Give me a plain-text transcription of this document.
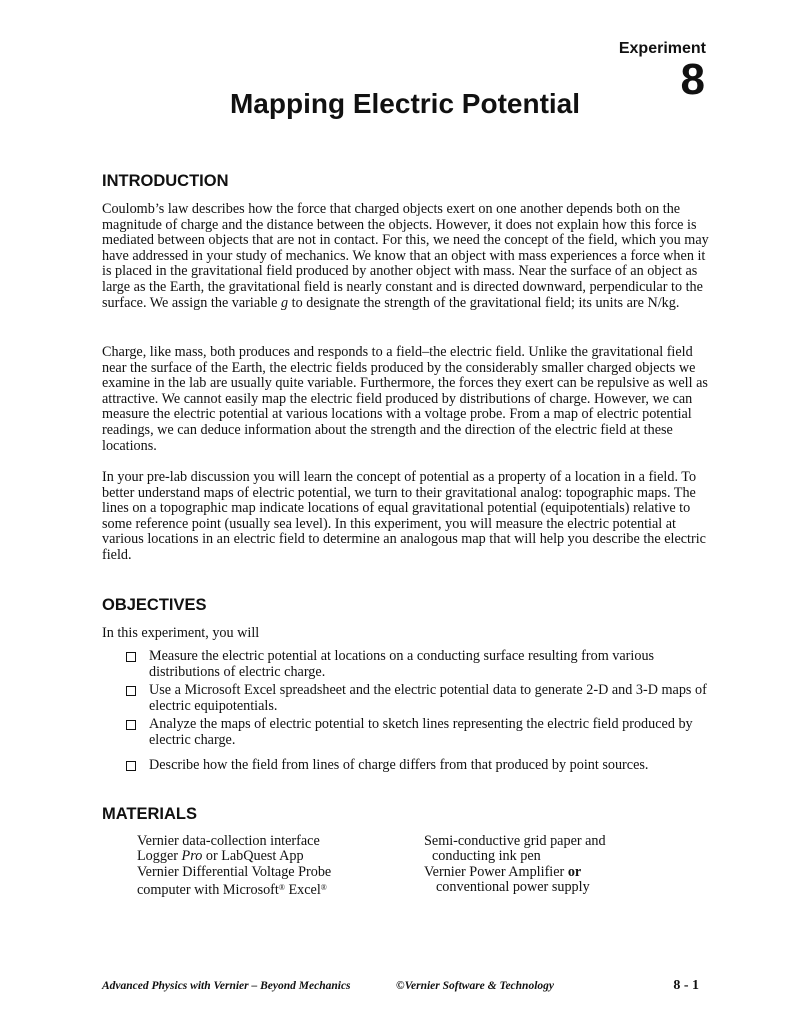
Experiment
8
Mapping Electric Potential
INTRODUCTION

Coulomb’s law describes how the force that charged objects exert on one another depends both on the magnitude of charge and the distance between the objects. However, it does not explain how this force is mediated between objects that are not in contact. For this, we need the concept of the field, which you may have addressed in your study of mechanics. We know that an object with mass experiences a force when it is placed in the gravitational field produced by another object with mass. Near the surface of an object as large as the Earth, the gravitational field is nearly constant and is directed downward, perpendicular to the surface. We assign the variable g to designate the strength of the gravitational field; its units are N/kg.

Charge, like mass, both produces and responds to a field–the electric field. Unlike the gravitational field near the surface of the Earth, the electric fields produced by the considerably smaller charged objects we examine in the lab are usually quite variable. Furthermore, the forces they exert can be repulsive as well as attractive. We cannot easily map the electric field produced by distributions of charge. However, we can measure the electric potential at various locations with a voltage probe. From a map of electric potential readings, we can deduce information about the strength and the direction of the electric field at these locations.

In your pre-lab discussion you will learn the concept of potential as a property of a location in a field. To better understand maps of electric potential, we turn to their gravitational analog: topographic maps. The lines on a topographic map indicate locations of equal gravitational potential (equipotentials) relative to some reference point (usually sea level). In this experiment, you will measure the electric potential at various locations in an electric field to determine an analogous map that will help you describe the electric field.

OBJECTIVES

In this experiment, you will

Measure the electric potential at locations on a conducting surface resulting from various distributions of electric charge.
Use a Microsoft Excel spreadsheet and the electric potential data to generate 2-D and 3-D maps of electric equipotentials.
Analyze the maps of electric potential to sketch lines representing the electric field produced by electric charge.
Describe how the field from lines of charge differs from that produced by point sources.
MATERIALS
Vernier data-collection interface
Logger Pro or LabQuest App
Vernier Differential Voltage Probe
computer with Microsoft® Excel®
Semi-conductive grid paper and
conducting ink pen
Vernier Power Amplifier or
conventional power supply
Advanced Physics with Vernier – Beyond Mechanics	©Vernier Software & Technology	8 - 1
